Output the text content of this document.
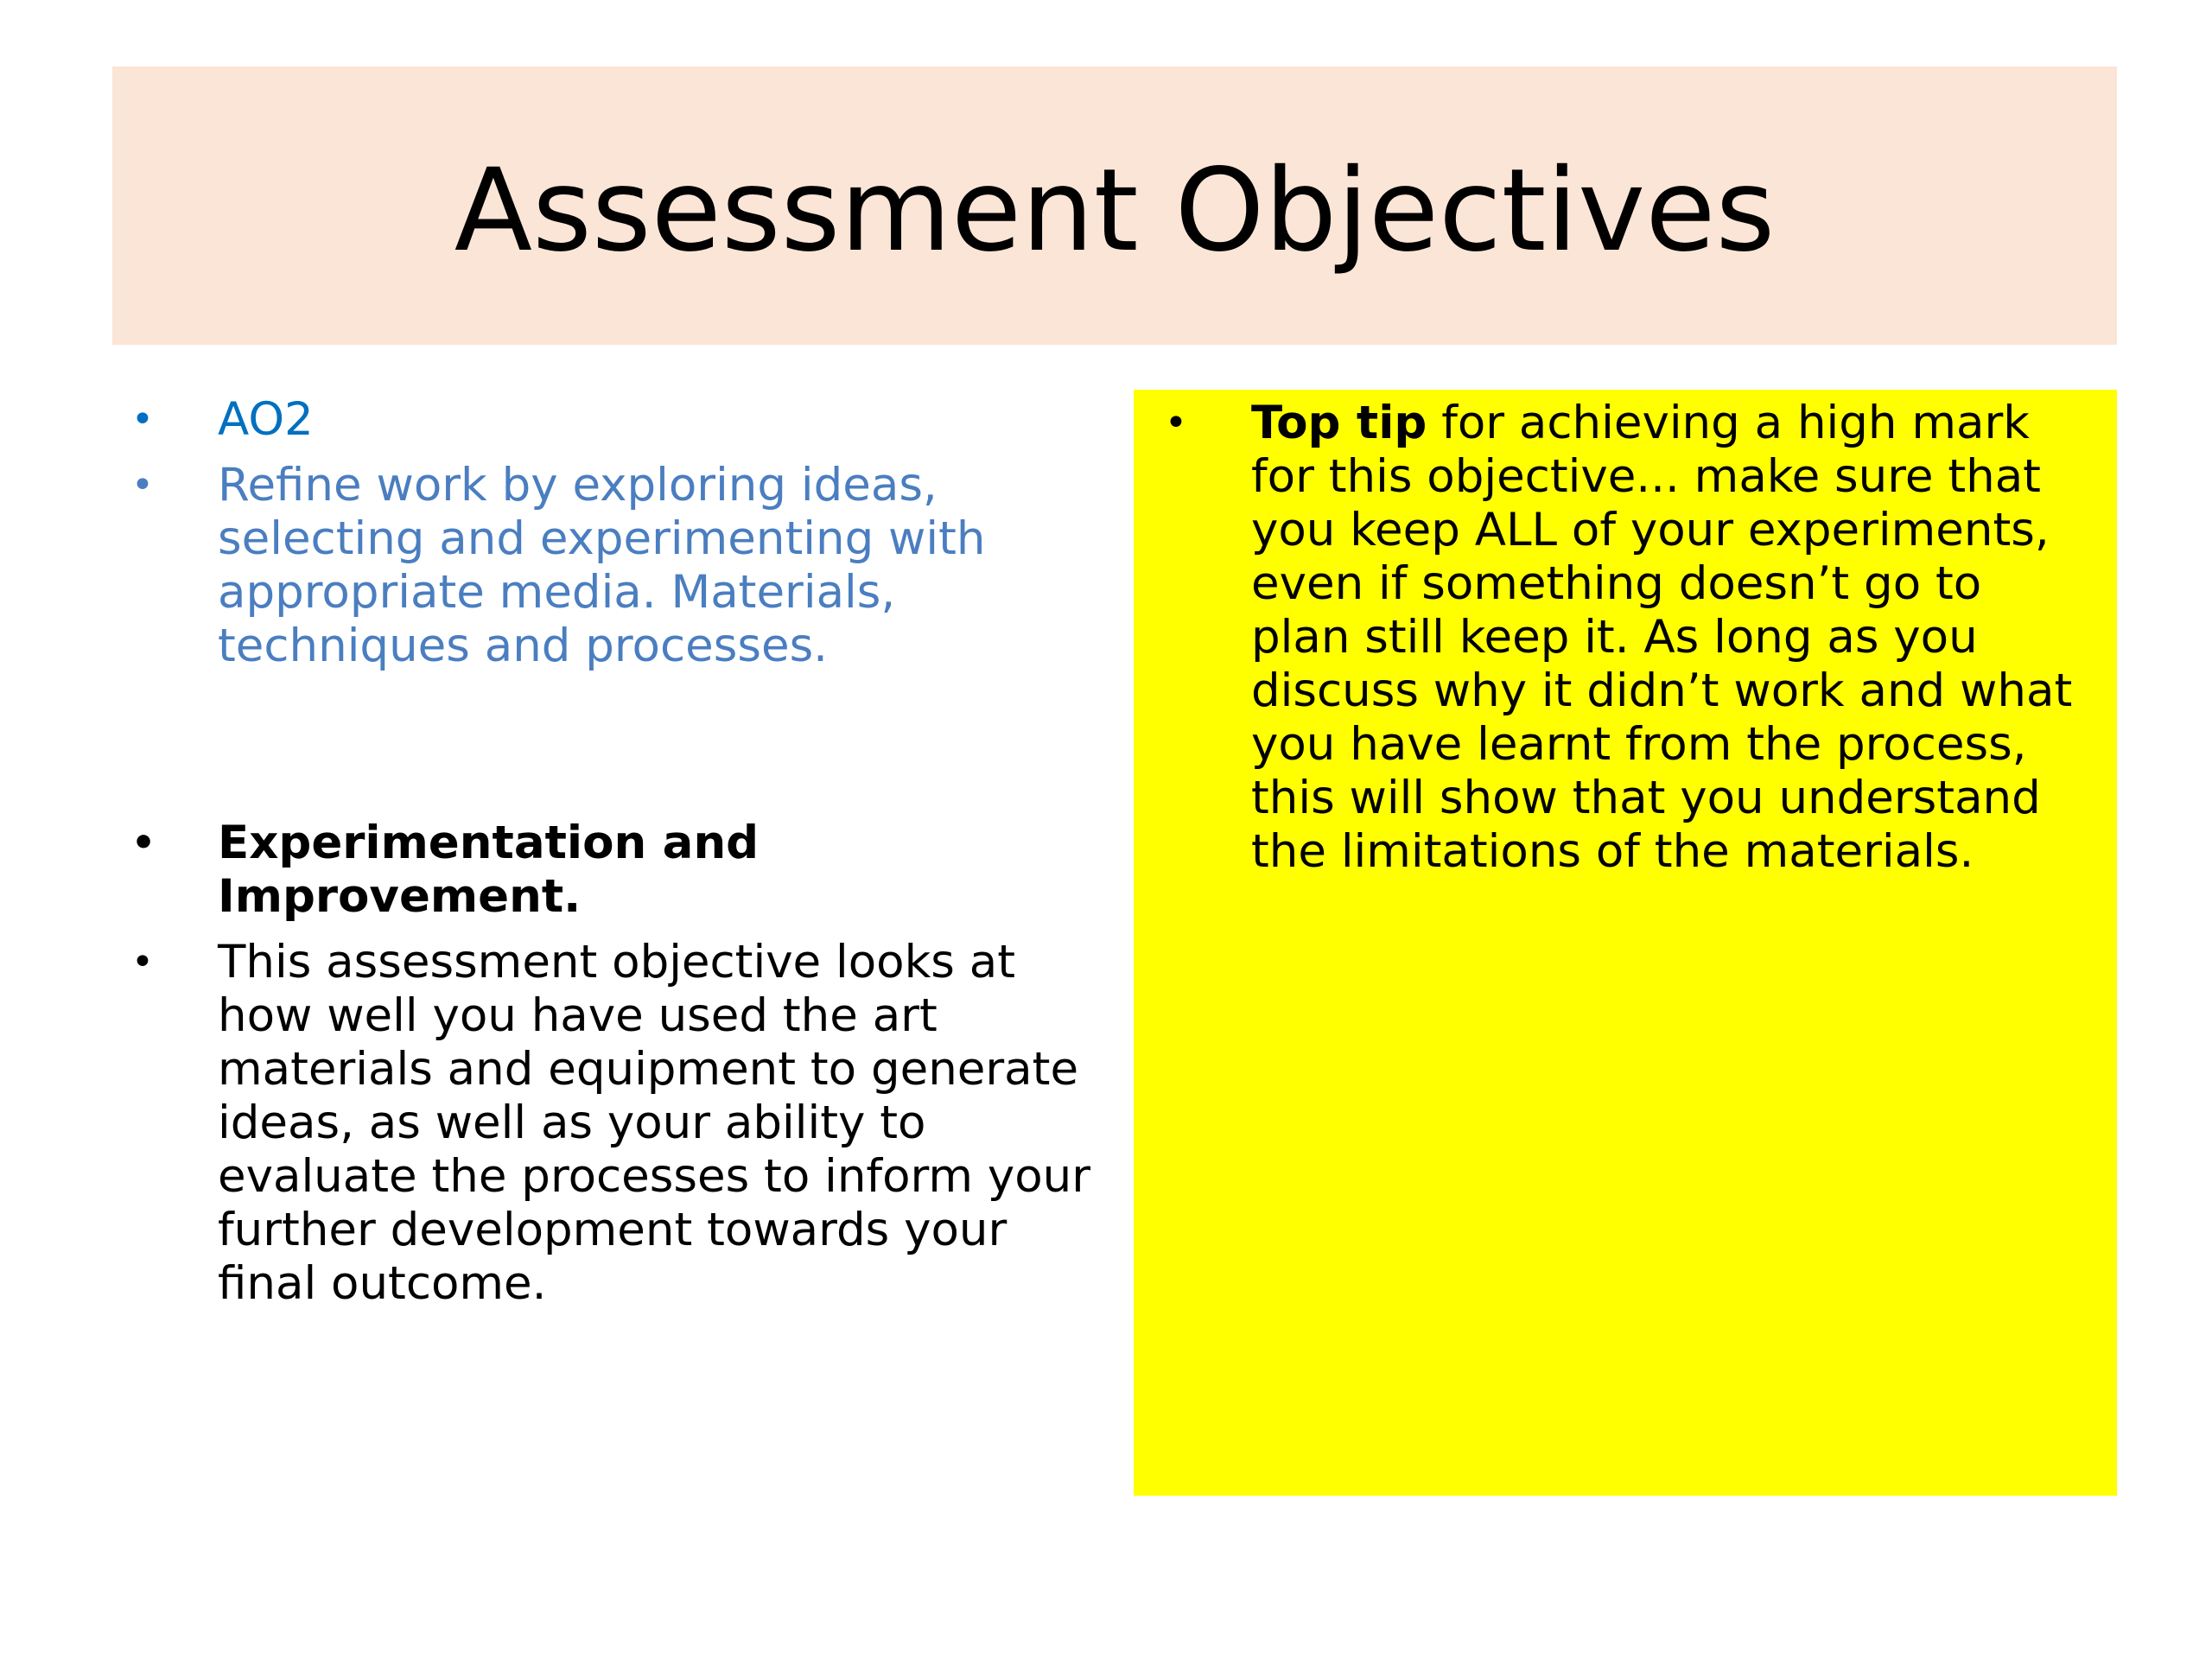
Assessment Objectives
• AO2
• Refine work by exploring ideas, selecting and experimenting with appropriate media. Materials, techniques and processes.
• Experimentation and Improvement.
• This assessment objective looks at how well you have used the art materials and equipment to generate ideas, as well as your ability to evaluate the processes to inform your further development towards your final outcome.
• Top tip for achieving a high mark for this objective... make sure that you keep ALL of your experiments, even if something doesn’t go to plan still keep it. As long as you discuss why it didn’t work and what you have learnt from the process, this will show that you understand the limitations of the materials.
